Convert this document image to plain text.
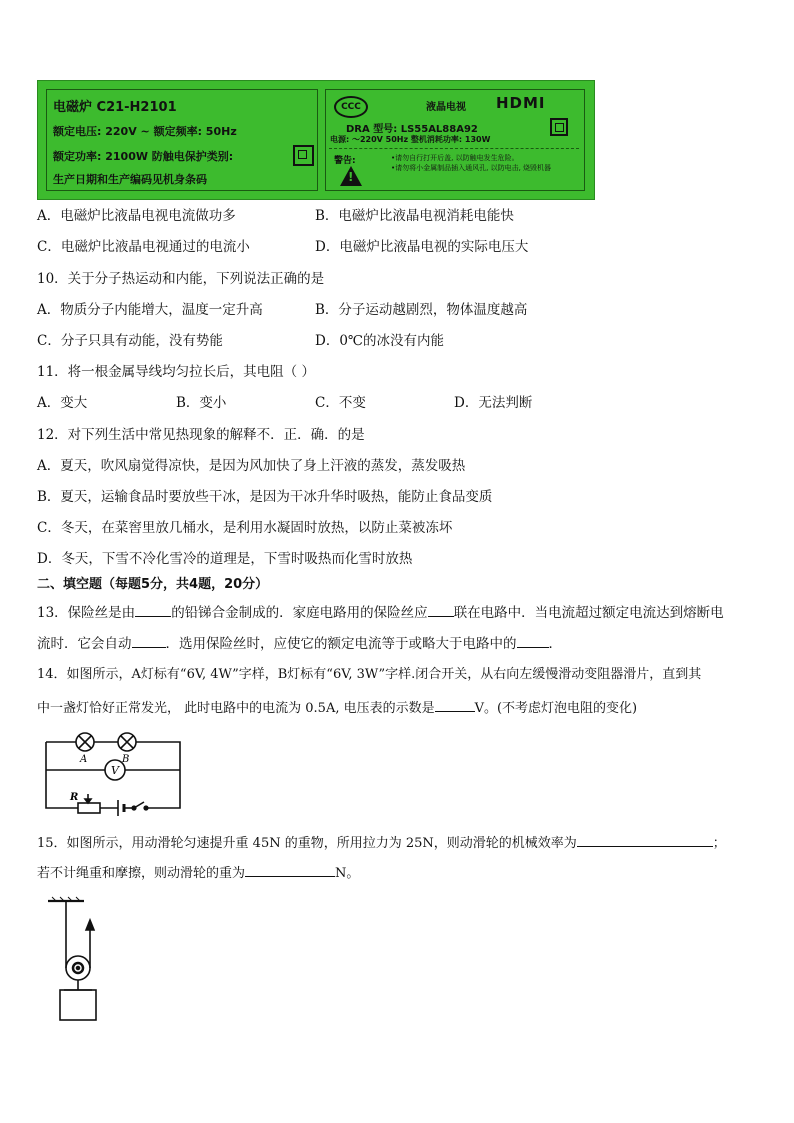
电磁炉 C21-H2101
额定电压: 220V ~ 额定频率: 50Hz
额定功率: 2100W 防触电保护类别:
生产日期和生产编码见机身条码
CCC	液晶电视 HDMI
DRA 型号: LS55AL88A92
电源: ～220V 50Hz 整机消耗功率: 130W
警告:	•请勿自行打开后盖, 以防触电发生危险。
•请勿将小金属制品插入通风孔, 以防电击, 烧毁机器
!
A．电磁炉比液晶电视电流做功多	B．电磁炉比液晶电视消耗电能快
C．电磁炉比液晶电视通过的电流小	D．电磁炉比液晶电视的实际电压大
10．关于分子热运动和内能，下列说法正确的是
A．物质分子内能增大，温度一定升高	B．分子运动越剧烈，物体温度越高
C．分子只具有动能，没有势能	D．0℃的冰没有内能
11．将一根金属导线均匀拉长后，其电阻（ ）
A．变大	B．变小	C．不变	D．无法判断
12．对下列生活中常见热现象的解释不．正．确．的是
A．夏天，吹风扇觉得凉快，是因为风加快了身上汗液的蒸发，蒸发吸热
B．夏天，运输食品时要放些干冰，是因为干冰升华时吸热，能防止食品变质
C．冬天，在菜窖里放几桶水，是利用水凝固时放热，以防止菜被冻坏
D．冬天，下雪不冷化雪冷的道理是，下雪时吸热而化雪时放热
二、填空题（每题5分，共4题，20分）
13．保险丝是由	的铅锑合金制成的．家庭电路用的保险丝应 联在电路中．当电流超过额定电流达到熔断电
流时．它会自动	．选用保险丝时，应使它的额定电流等于或略大于电路中的 ．
14．如图所示，A灯标有“6V, 4W”字样，B灯标有“6V, 3W”字样.闭合开关，从右向左缓慢滑动变阻器滑片，直到其
中一盏灯恰好正常发光， 此时电路中的电流为 0.5A, 电压表的示数是	V。(不考虑灯泡电阻的变化)
A	B
V
R
15．如图所示，用动滑轮匀速提升重 45N 的重物，所用拉力为 25N，则动滑轮的机械效率为	；
若不计绳重和摩擦，则动滑轮的重为	N。
